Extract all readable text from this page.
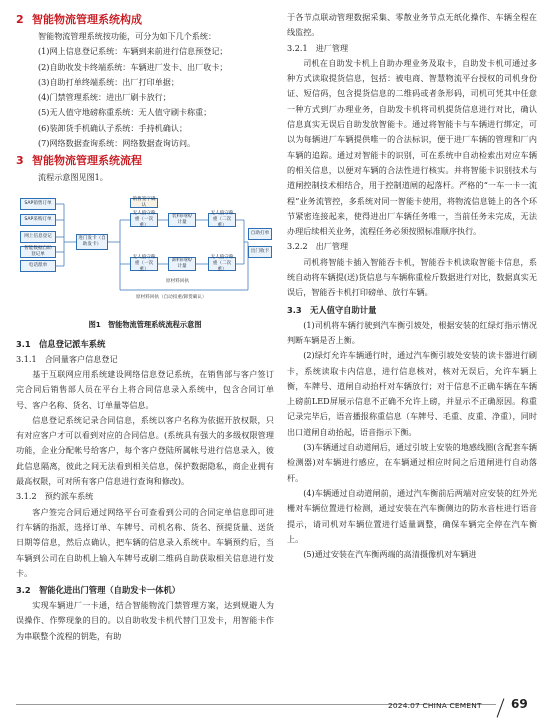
2 智能物流管理系统构成

智能物流管理系统按功能，可分为如下几个系统：

(1)网上信息登记系统：车辆到来前进行信息预登记；

(2)自助收发卡终端系统：车辆进厂发卡、出厂收卡；

(3)自助打单终端系统：出厂打印单据；

(4)门禁管理系统：进出厂刷卡放行；

(5)无人值守地磅称重系统：无人值守刷卡称重；

(6)装卸货手机确认子系统：手持机确认；

(7)网络数据查询系统：网络数据查询访问。

3 智能物流管理系统流程

流程示意图见图1。

SAP销售订单
SAP采购订单
网上信息登记
智能数据自助登记单
电话派单
进门发卡（自助发卡）
销售签字确认
无人值守称重（一次重）
装料回执/计量
无人值守称重（二次重）
无人值守称重（一次重）
卸料回执/计量
无人值守称重（二次重）
自助打单
出门收卡
原材料回执
原材料回执（自动扣重/卸货确认）

图1　智能物流管理系统流程示意图

3.1　信息登记派车系统

3.1.1　合同量客户信息登记

基于互联网应用系统建设网络信息登记系统，在销售部与客户签订完合同后销售部人员在平台上将合同信息录入系统中，包含合同订单号、客户名称、货名、订单量等信息。

信息登记系统记录合同信息，系统以客户名称为依据开放权限，只有对应客户才可以看到对应的合同信息。(系统具有强大的多级权限管理功能，企业分配帐号给客户，每个客户登陆所属帐号进行信息录入，彼此信息隔离，彼此之间无法看到相关信息，保护数据隐私，商企业拥有最高权限，可对所有客户信息进行查询和修改)。

3.1.2　预约派车系统

客户签完合同后通过网络平台可查看到公司的合同定单信息即可进行车辆的指派，选择订单、车牌号、司机名称、货名、预提货量、送货日期等信息，然后点确认，把车辆的信息录入系统中。车辆预约后，当车辆到公司在自助机上输入车牌号或刷二维码自助获取相关信息进行发卡。

3.2　智能化进出门管理（自助发卡一体机）

实现车辆进厂一卡通，结合智能物流门禁管理方案，达到规避人为误操作、作弊现象的目的。以自助收发卡机代替门卫发卡，用智能卡作为串联整个流程的钥匙，有助

于各节点联动管理数据采集、零散业务节点无纸化操作、车辆全程在线监控。

3.2.1　进厂管理

司机在自助发卡机上自助办理业务及取卡，自助发卡机可通过多种方式读取提货信息，包括：被电商、智慧物流平台授权的司机身份证、短信码，包含提货信息的二维码或者条形码，司机可凭其中任意一种方式到厂办理业务，自助发卡机将司机提货信息进行对比，确认信息真实无误后自助发放智能卡。通过将智能卡与车辆进行绑定，可以为每辆进厂车辆提供唯一的合法标识，便于进厂车辆的管理和厂内车辆的追踪。通过对智能卡的识别，可在系统中自动检索出对应车辆的相关信息，以便对车辆的合法性进行核实。并将智能卡识别技术与道闸控制技术相结合，用于控制道闸的起落杆。严格的“一车一卡一流程”业务流管控，多系统对同一智能卡使用，将物流信息链上的各个环节紧密连接起来，使得进出厂车辆任务唯一，当前任务未完成，无法办理后续相关业务，流程任务必须按照标准顺序执行。

3.2.2　出厂管理

司机将智能卡插入智能吞卡机，智能吞卡机读取智能卡信息，系统自动将车辆提(送)货信息与车辆称重检斤数据进行对比，数据真实无误后，智能吞卡机打印磅单、放行车辆。

3.3　无人值守自助计量

(1)司机将车辆行驶到汽车衡引坡处，根据安装的红绿灯指示情况判断车辆是否上衡。

(2)绿灯允许车辆通行时，通过汽车衡引坡处安装的读卡器进行刷卡，系统读取卡内信息，进行信息核对，核对无误后，允许车辆上衡，车牌号、道闸自动抬杆对车辆放行；对于信息不正确车辆在车辆上磅前LED屏展示信息不正确不允许上磅，并显示不正确原因。称重记录完毕后，语音播报称重信息（车牌号、毛重、皮重、净重），同时出口道闸自动抬起，语音指示下衡。

(3)车辆通过自动道闸后，通过引坡上安装的地感线圈(含配套车辆检测器)对车辆进行感应，在车辆通过相应时间之后道闸进行自动落杆。

(4)车辆通过自动道闸前，通过汽车衡前后两端对应安装的红外光栅对车辆位置进行检测，通过安装在汽车衡侧边的防水音柱进行语音提示，请司机对车辆位置进行适量调整，确保车辆完全停在汽车衡上。

(5)通过安装在汽车衡两端的高清摄像机对车辆进

2024.07 CHINA CEMENT 69
